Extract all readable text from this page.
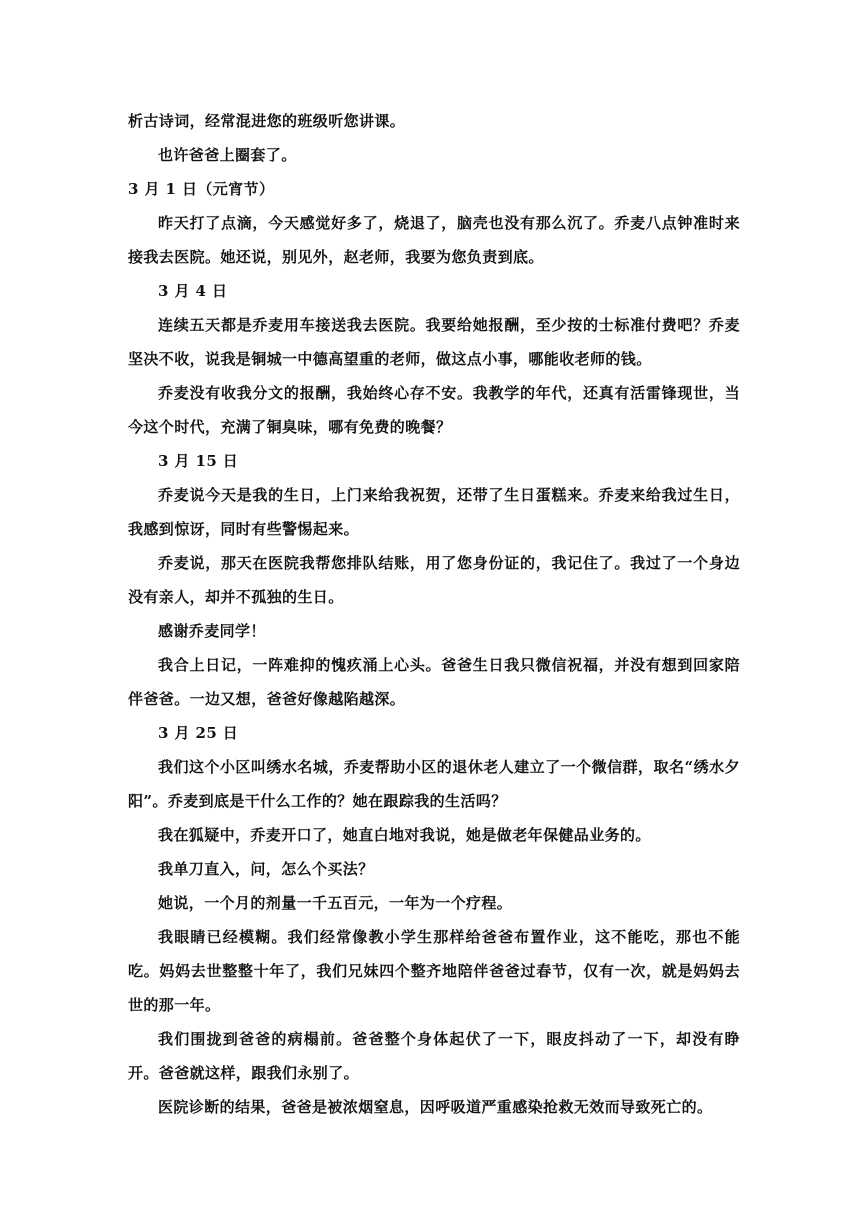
析古诗词，经常混进您的班级听您讲课。

也许爸爸上圈套了。

3 月 1 日（元宵节）

昨天打了点滴，今天感觉好多了，烧退了，脑壳也没有那么沉了。乔麦八点钟准时来接我去医院。她还说，别见外，赵老师，我要为您负责到底。

3 月 4 日

连续五天都是乔麦用车接送我去医院。我要给她报酬，至少按的士标准付费吧？乔麦坚决不收，说我是铜城一中德高望重的老师，做这点小事，哪能收老师的钱。

乔麦没有收我分文的报酬，我始终心存不安。我教学的年代，还真有活雷锋现世，当今这个时代，充满了铜臭味，哪有免费的晚餐？

3 月 15 日

乔麦说今天是我的生日，上门来给我祝贺，还带了生日蛋糕来。乔麦来给我过生日，我感到惊讶，同时有些警惕起来。

乔麦说，那天在医院我帮您排队结账，用了您身份证的，我记住了。我过了一个身边没有亲人，却并不孤独的生日。

感谢乔麦同学！

我合上日记，一阵难抑的愧疚涌上心头。爸爸生日我只微信祝福，并没有想到回家陪伴爸爸。一边又想，爸爸好像越陷越深。

3 月 25 日

我们这个小区叫绣水名城，乔麦帮助小区的退休老人建立了一个微信群，取名“绣水夕阳”。乔麦到底是干什么工作的？她在跟踪我的生活吗？

我在狐疑中，乔麦开口了，她直白地对我说，她是做老年保健品业务的。

我单刀直入，问，怎么个买法？

她说，一个月的剂量一千五百元，一年为一个疗程。

我眼睛已经模糊。我们经常像教小学生那样给爸爸布置作业，这不能吃，那也不能吃。妈妈去世整整十年了，我们兄妹四个整齐地陪伴爸爸过春节，仅有一次，就是妈妈去世的那一年。

我们围拢到爸爸的病榻前。爸爸整个身体起伏了一下，眼皮抖动了一下，却没有睁开。爸爸就这样，跟我们永别了。

医院诊断的结果，爸爸是被浓烟窒息，因呼吸道严重感染抢救无效而导致死亡的。
